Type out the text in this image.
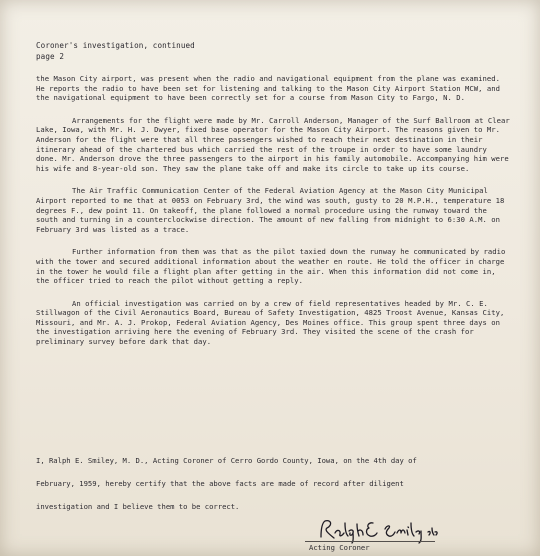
Coroner's investigation, continued
page 2

the Mason City airport, was present when the radio and navigational equipment from the plane was examined. He reports the radio to have been set for listening and talking to the Mason City Airport Station MCW, and the navigational equipment to have been correctly set for a course from Mason City to Fargo, N. D.

Arrangements for the flight were made by Mr. Carroll Anderson, Manager of the Surf Ballroom at Clear Lake, Iowa, with Mr. H. J. Dwyer, fixed base operator for the Mason City Airport. The reasons given to Mr. Anderson for the flight were that all three passengers wished to reach their next destination in their itinerary ahead of the chartered bus which carried the rest of the troupe in order to have some laundry done. Mr. Anderson drove the three passengers to the airport in his family automobile. Accompanying him were his wife and 8-year-old son. They saw the plane take off and make its circle to take up its course.

The Air Traffic Communication Center of the Federal Aviation Agency at the Mason City Municipal Airport reported to me that at 0053 on February 3rd, the wind was south, gusty to 20 M.P.H., temperature 18 degrees F., dew point 11. On takeoff, the plane followed a normal procedure using the runway toward the south and turning in a counterclockwise direction. The amount of new falling from midnight to 6:30 A.M. on February 3rd was listed as a trace.

Further information from them was that as the pilot taxied down the runway he communicated by radio with the tower and secured additional information about the weather en route. He told the officer in charge in the tower he would file a flight plan after getting in the air. When this information did not come in, the officer tried to reach the pilot without getting a reply.

An official investigation was carried on by a crew of field representatives headed by Mr. C. E. Stillwagon of the Civil Aeronautics Board, Bureau of Safety Investigation, 4825 Troost Avenue, Kansas City, Missouri, and Mr. A. J. Prokop, Federal Aviation Agency, Des Moines office. This group spent three days on the investigation arriving here the evening of February 3rd. They visited the scene of the crash for preliminary survey before dark that day.

I, Ralph E. Smiley, M. D., Acting Coroner of Cerro Gordo County, Iowa, on the 4th day of
February, 1959, hereby certify that the above facts are made of record after diligent
investigation and I believe them to be correct.
Acting Coroner
